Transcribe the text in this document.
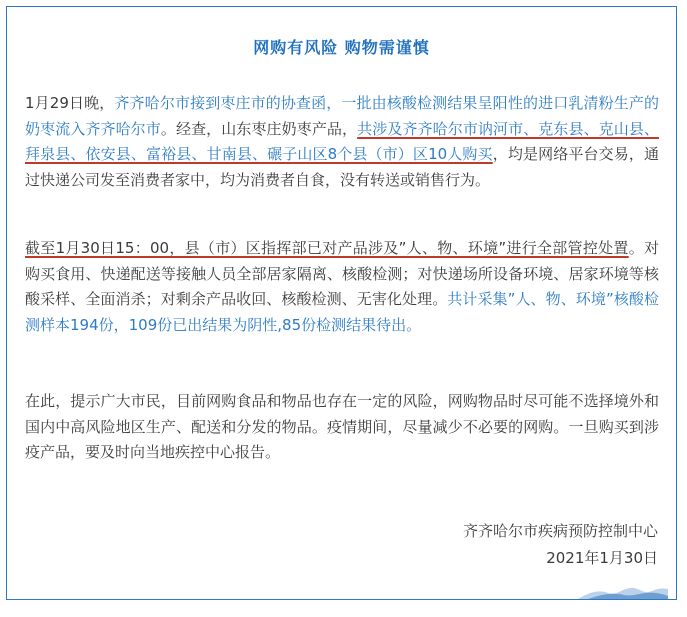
网购有风险 购物需谨慎

1月29日晚，齐齐哈尔市接到枣庄市的协查函，一批由核酸检测结果呈阳性的进口乳清粉生产的奶枣流入齐齐哈尔市。经查，山东枣庄奶枣产品，共涉及齐齐哈尔市讷河市、克东县、克山县、拜泉县、依安县、富裕县、甘南县、碾子山区8个县（市）区10人购买，均是网络平台交易，通过快递公司发至消费者家中，均为消费者自食，没有转送或销售行为。

截至1月30日15：00，县（市）区指挥部已对产品涉及”人、物、环境”进行全部管控处置。对购买食用、快递配送等接触人员全部居家隔离、核酸检测；对快递场所设备环境、居家环境等核酸采样、全面消杀；对剩余产品收回、核酸检测、无害化处理。共计采集”人、物、环境”核酸检测样本194份，109份已出结果为阴性,85份检测结果待出。

在此，提示广大市民，目前网购食品和物品也存在一定的风险，网购物品时尽可能不选择境外和国内中高风险地区生产、配送和分发的物品。疫情期间，尽量减少不必要的网购。一旦购买到涉疫产品，要及时向当地疾控中心报告。

齐齐哈尔市疾病预防控制中心
2021年1月30日
